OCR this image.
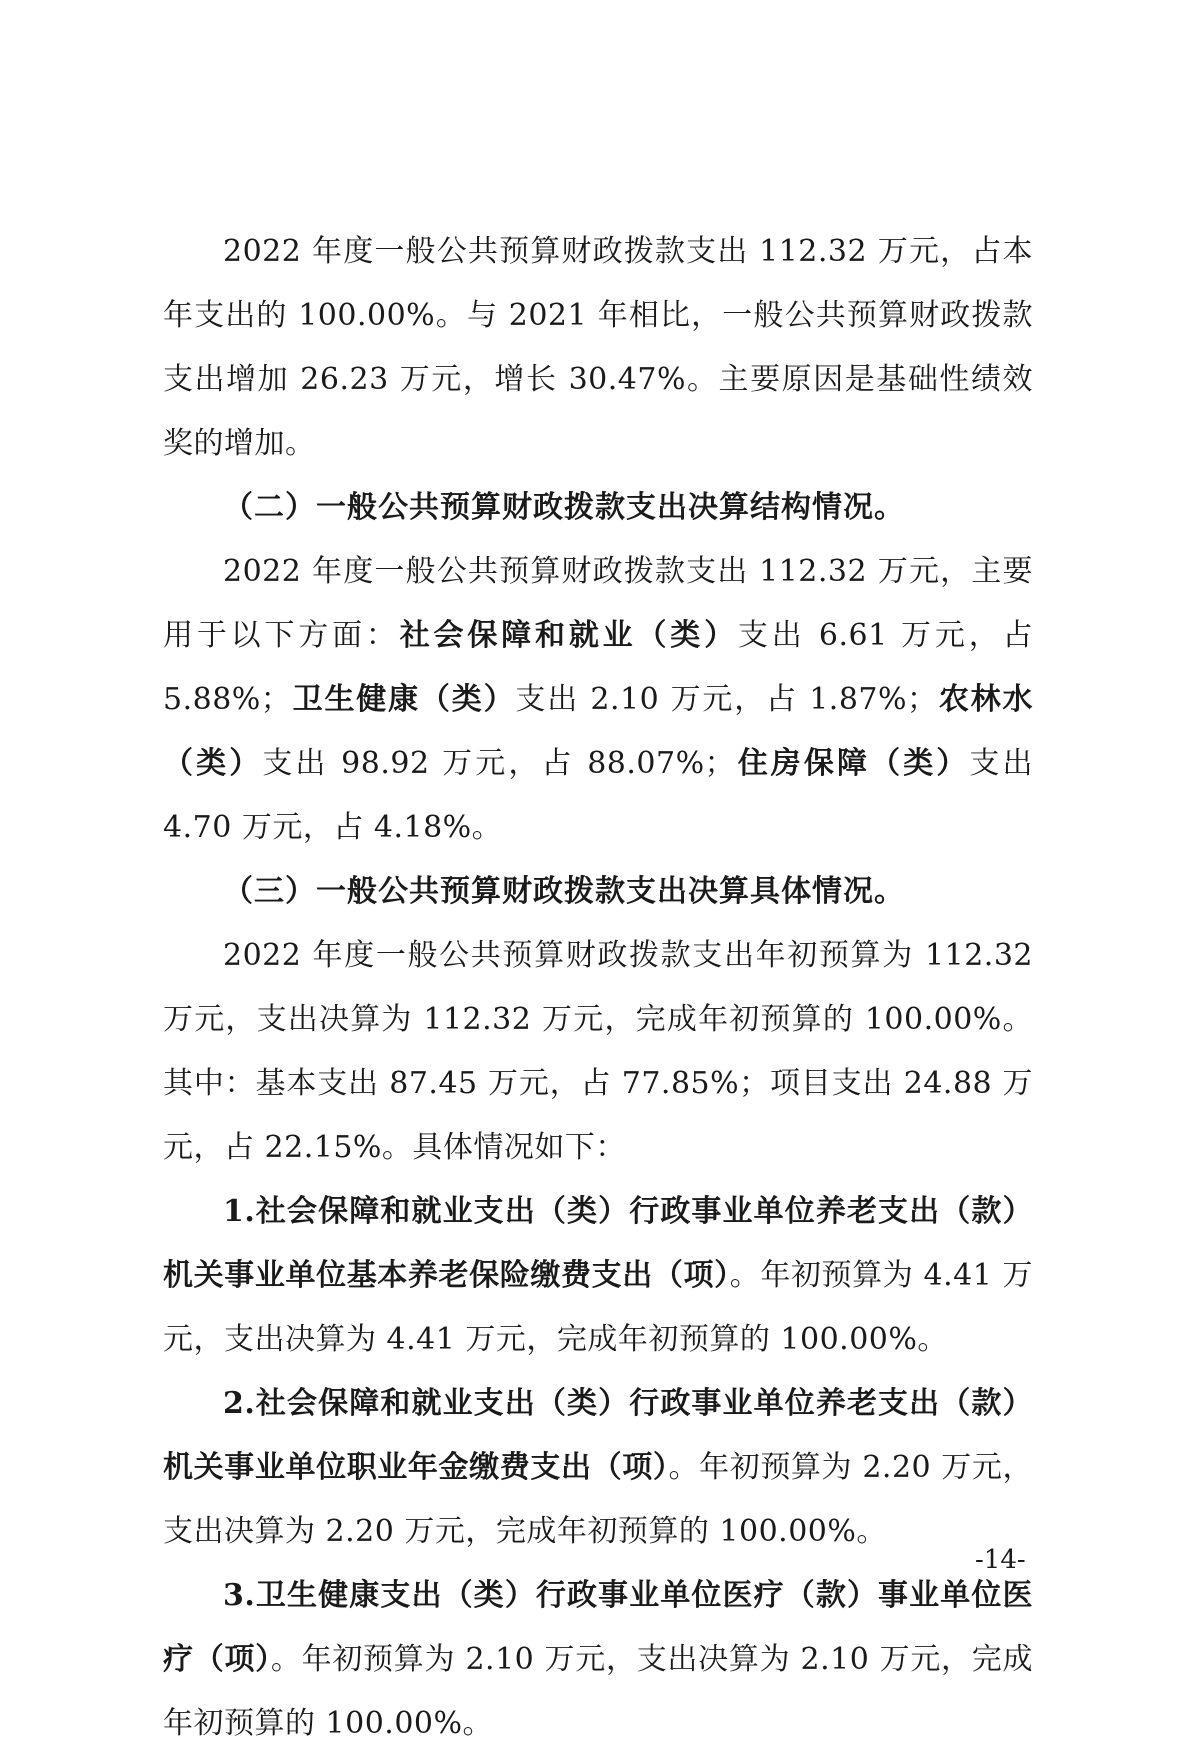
2022 年度一般公共预算财政拨款支出 112.32 万元，占本年支出的 100.00%。与 2021 年相比，一般公共预算财政拨款支出增加 26.23 万元，增长 30.47%。主要原因是基础性绩效奖的增加。

（二）一般公共预算财政拨款支出决算结构情况。

2022 年度一般公共预算财政拨款支出 112.32 万元，主要用于以下方面：社会保障和就业（类）支出 6.61 万元，占 5.88%；卫生健康（类）支出 2.10 万元，占 1.87%；农林水（类）支出 98.92 万元，占 88.07%；住房保障（类）支出 4.70 万元，占 4.18%。

（三）一般公共预算财政拨款支出决算具体情况。

2022 年度一般公共预算财政拨款支出年初预算为 112.32 万元，支出决算为 112.32 万元，完成年初预算的 100.00%。其中：基本支出 87.45 万元，占 77.85%；项目支出 24.88 万元，占 22.15%。具体情况如下：

1.社会保障和就业支出（类）行政事业单位养老支出（款）机关事业单位基本养老保险缴费支出（项）。年初预算为 4.41 万元，支出决算为 4.41 万元，完成年初预算的 100.00%。

2.社会保障和就业支出（类）行政事业单位养老支出（款）机关事业单位职业年金缴费支出（项）。年初预算为 2.20 万元，支出决算为 2.20 万元，完成年初预算的 100.00%。

3.卫生健康支出（类）行政事业单位医疗（款）事业单位医疗（项）。年初预算为 2.10 万元，支出决算为 2.10 万元，完成年初预算的 100.00%。

-14-
